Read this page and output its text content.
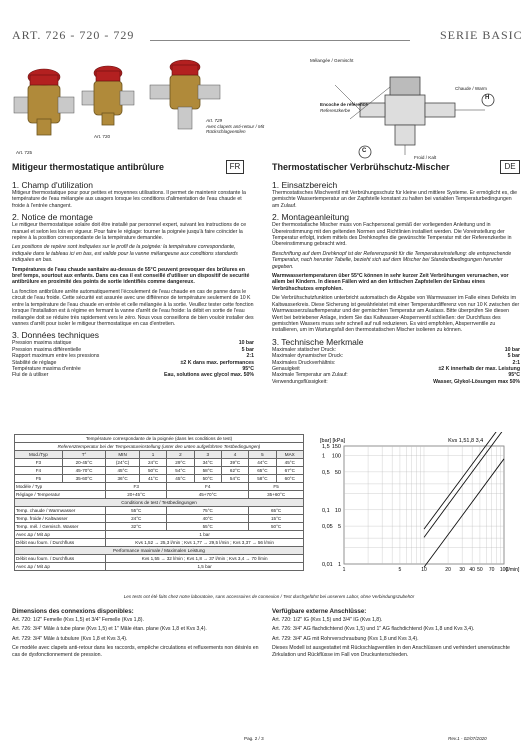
ART. 726 - 720 - 729	SERIE BASIC
Art. 725
Art. 720
Art. 729
Avec clapets anti-retour / Mit Rückschlagventilen
Mélangée / Gemischt
Encoche de référence
Referenzkerbe
Chaude / Warm
H
Froid / Kalt
C
Mitigeur thermostatique antibrûlure	FR
1. Champ d'utilization

Mitigeur thermostatique pour pour petites et moyennes utilisations. Il permet de maintenir constante la température de l'eau mélangée aux usagers lorsque les conditions d'alimentation de l'eau chaude et froide à l'entrée changent.

2. Notice de montage

Le mitigeur thermostatique solaire doit être installé par personnel expert, suivant les instructions de ce manuel et selon les lois en vigueur. Pour faire le réglage: tourner la poignée jusqu'à faire coïncider la repère à la position correspondante de la température demandée.

Les positions de repère sont indiquées sur le profil de la poignée: la température correspondante, indiquée dans le tableau ici en bas, est valide pour la vanne mélangeuse aux conditions standards indiquées en bas.

Températures de l'eau chaude sanitaire au-dessus de 55°C peuvent provoquer des brûlures en bref temps, sourtout aux enfants. Dans ces cas il est conseillé d'utiliser un dispositif de securité antibrûlure en proximité des points de sortie identifiés comme dangereux.

La fonction antibrûlure arrête automatiquement l'écoulement de l'eau chaude en cas de panne dans le circuit de l'eau froide. Cette sécurité est assurée avec une différence de température seulement de 10 K entre la température de l'eau chaude en entrée et celle mélangée à la sortie. Veuillez tester cette fonction lorsque l'installation est à régime en fermant la vanne d'arrêt de l'eau froide: la débit en sortie de l'eau mélangée doit se réduire très rapidement vers le zéro. Nous vous conseillons de bien vouloir installer des vannes d'arrêt pour isoler le mitigeur thermostatique en cas d'entretien.

3. Données techniques
Pression maxima statique	10 bar
Pression maxima différentielle	5 bar
Rapport maximum entre les pressions	2:1
Stabilité de réglage	±2 K dans max. performances
Température maxima d'entrée	95°C
Flui de à utiliser	Eau, solutions avec glycol max. 50%
Thermostatischer Verbrühschutz-Mischer	DE
1. Einsatzbereich

Thermostatisches Mischventil mit Verbrühungsschutz für kleine und mittlere Systeme. Er ermöglicht es, die gemischte Wassertemperatur an der Zapfstelle konstant zu halten bei variablen Temperaturbedingungen am Zulauf.

2. Montageanleitung

Der thermostatische Mischer muss von Fachpersonal gemäß der vorliegenden Anleitung und in Übereinstimmung mit den geltenden Normen und Richtlinien installiert werden. Die Voreinstellung der Temperatur erfolgt, indem mittels des Drehknopfes die gewünschte Temperatur mit der Referenzkerbe in Übereinstimmung gebracht wird.

Beschriftung auf dem Drehknopf ist der Referenzpunkt für die Temperatureinstellung: die entsprechende Temperatur, nach herunter Tabelle, bezieht sich auf dem Mischer bei Standardbedingungen herunter gegeben.

Warmwassertemperaturen über 55°C können in sehr kurzer Zeit Verbrühungen verursachen, vor allem bei Kindern. In diesen Fällen wird an den kritischen Zapfstellen der Einbau eines Verbrühschutzes empfohlen.

Die Verbrühschutzfunktion unterbricht automatisch die Abgabe von Warmwasser im Falle eines Defekts im Kaltwasserkreis. Diese Sicherung ist gewährleistet mit einer Temperaturdifferenz von nur 10 K zwischen der Warmwasserzulauftemperatur und der gemischten Temperatur am Auslass. Bitte überprüfen Sie diesen Wert bei betriebener Anlage, indem Sie das Kaltwasser-Absperrventil schließen: der Durchfluss des gemischten Wassers muss sehr schnell auf null reduzieren. Es wird empfohlen, Absperrventile zu installieren, um im Wartungsfall den thermostatischen Mischer isolieren zu können.

3. Technische Merkmale
Maximaler statischer Druck:	10 bar
Maximaler dynamischer Druck:	5 bar
Maximales Druckverhältnis:	2:1
Genauigkeit	±2 K innerhalb der max. Leistung
Maximale Temperatur am Zulauf:	95°C
Verwendungsflüssigkeit:	Wasser, Glykol-Lösungen max 50%
Température correspondante de la poignée (dans les conditions de test)								
Referenztemperatur bei der Temperatureinstellung (unter den unten aufgeführten Testbedingungen)								
Mod./Typ	T°	MIN	1	2	3	4	5	MAX
F3	20-45°C	(24°C)	24°C	29°C	34°C	39°C	44°C	45°C
F4	45-70°C	45°C	50°C	54°C	58°C	62°C	65°C	67°C
F5	35-60°C	36°C	41°C	45°C	50°C	54°C	58°C	60°C
Modèle / Typ		F3		F4			F5	
Réglage / Temperatur		20+45°C		45+70°C			35+60°C	
Conditions de test / Testbedingungen								
Temp. chaude / Warmwasser		55°C		75°C			65°C	
Temp. froide / Kaltwasser		24°C		40°C			15°C	
Temp. mél. / Gemisch. Wasser		32°C		55°C			50°C	
Avec Δp / Mit Δp		1 bar						
Débit eau fourn. / Durchfluss		Kvs 1,52 → 25,3 l/min ; Kvs 1,77 → 29,5 l/min ; Kvs 3,37 → 56 l/min						
Performance maximale / Maximalen Leistung								
Débit eau fourn. / Durchfluss		Kvs 1,55 → 32 l/min ; Kvs 1,8 → 37 l/min ; Kvs 3,4 → 70 l/min						
Avec Δp / Mit Δp		1,5 bar						
1,5
1
0,5
0,1
0,05
0,01
150
100
50
10
5
1
1	5	10	20 30 40 50 70 100
[l/min]
[bar] [kPa]	Kvs 1,51,8 3,4
Les tests ont été faits chez notre laboratoire, sans accessoires de connexion / Test durchgeführt bei unserem Labor, ohne Verbindungszubehör
Dimensions des connexions disponibles:

Art. 720: 1/2" Femelle (Kvs 1,5) et 3/4" Femelle (Kvs 1,8).

Art. 726: 3/4" Mâle à tube plane (Kvs 1,5) et 1" Mâle étan. plane (Kvs 1,8 et Kvs 3,4).

Art. 729: 3/4" Mâle à tubulure (Kvs 1,8 et Kvs 3,4).

Ce modèle avec clapets anti-retour dans les raccords, empêche circulations et refluxements non désirés en cas de dysfonctionnement de pression.

Verfügbare externe Anschlüsse:

Art. 720: 1/2" IG (Kvs 1,5) und 3/4" IG (Kvs 1,8).

Art. 726: 3/4" AG flachdichtend (Kvs 1,5) und 1" AG flachdichtend (Kvs 1,8 und Kvs 3,4).

Art. 729: 3/4" AG mit Rohrverschraubung (Kvs 1,8 und Kvs 3,4).

Dieses Modell ist ausgestattet mit Rückschlagventilen in den Anschlüssen und verhindert unerwünschte Zirkulation und Rückflüsse im Fall von Druckunterschieden.

Pag. 2 / 3	Rev.1 - 02/07/2020
